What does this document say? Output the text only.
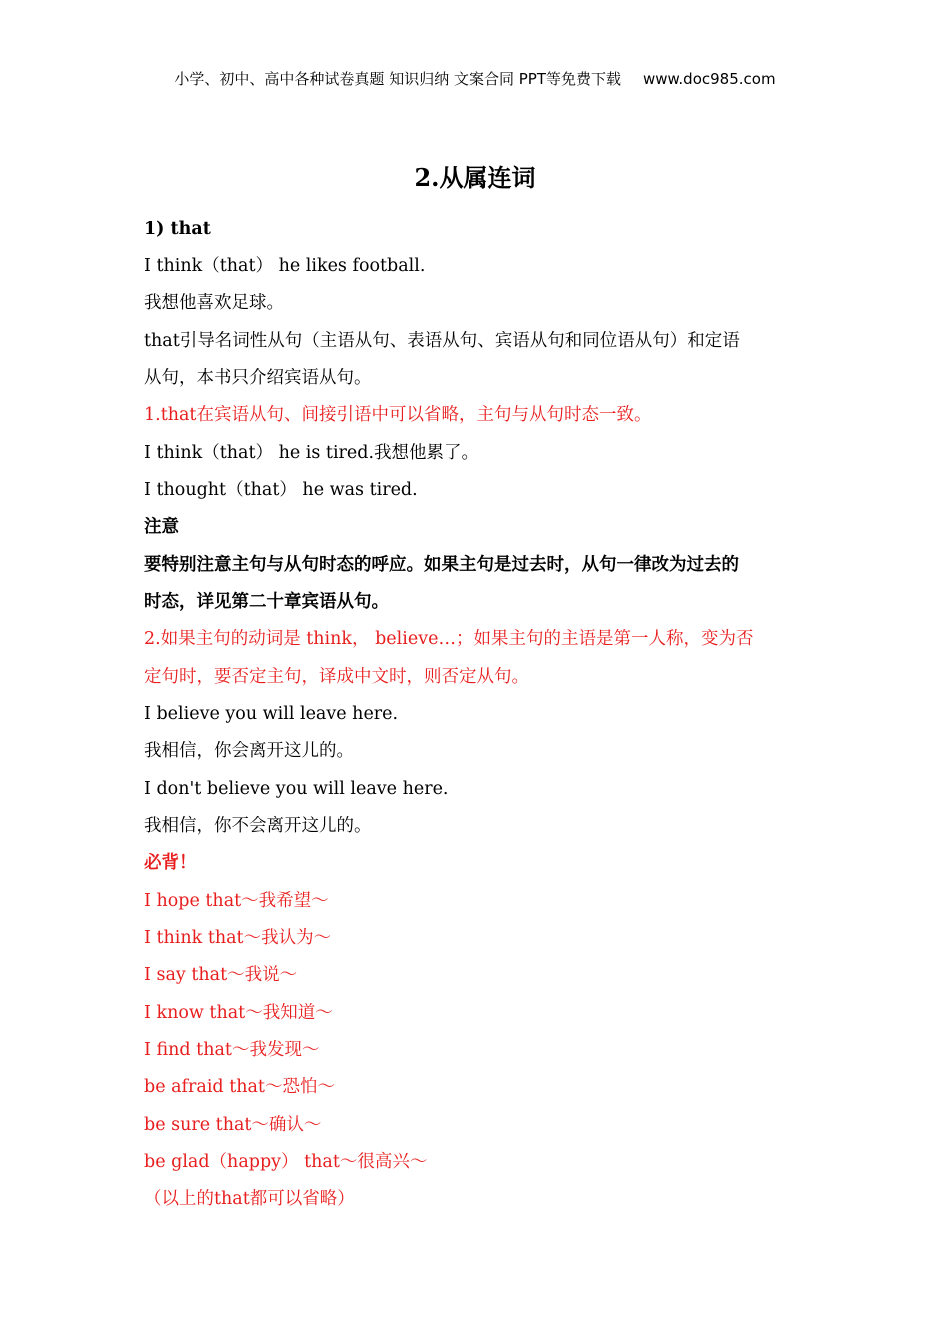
小学、初中、高中各种试卷真题 知识归纳 文案合同 PPT等免费下载 www.doc985.com
2.从属连词
1) that
I think（that） he likes football.
我想他喜欢足球。
that引导名词性从句（主语从句、表语从句、宾语从句和同位语从句）和定语
从句，本书只介绍宾语从句。
1.that在宾语从句、间接引语中可以省略，主句与从句时态一致。
I think（that） he is tired.我想他累了。
I thought（that） he was tired.
注意
要特别注意主句与从句时态的呼应。如果主句是过去时，从句一律改为过去的
时态，详见第二十章宾语从句。
2.如果主句的动词是 think， believe…；如果主句的主语是第一人称，变为否
定句时，要否定主句，译成中文时，则否定从句。
I believe you will leave here.
我相信，你会离开这儿的。
I don't believe you will leave here.
我相信，你不会离开这儿的。
必背！
I hope that～我希望～
I think that～我认为～
I say that～我说～
I know that～我知道～
I find that～我发现～
be afraid that～恐怕～
be sure that～确认～
be glad（happy） that～很高兴～
（以上的that都可以省略）
